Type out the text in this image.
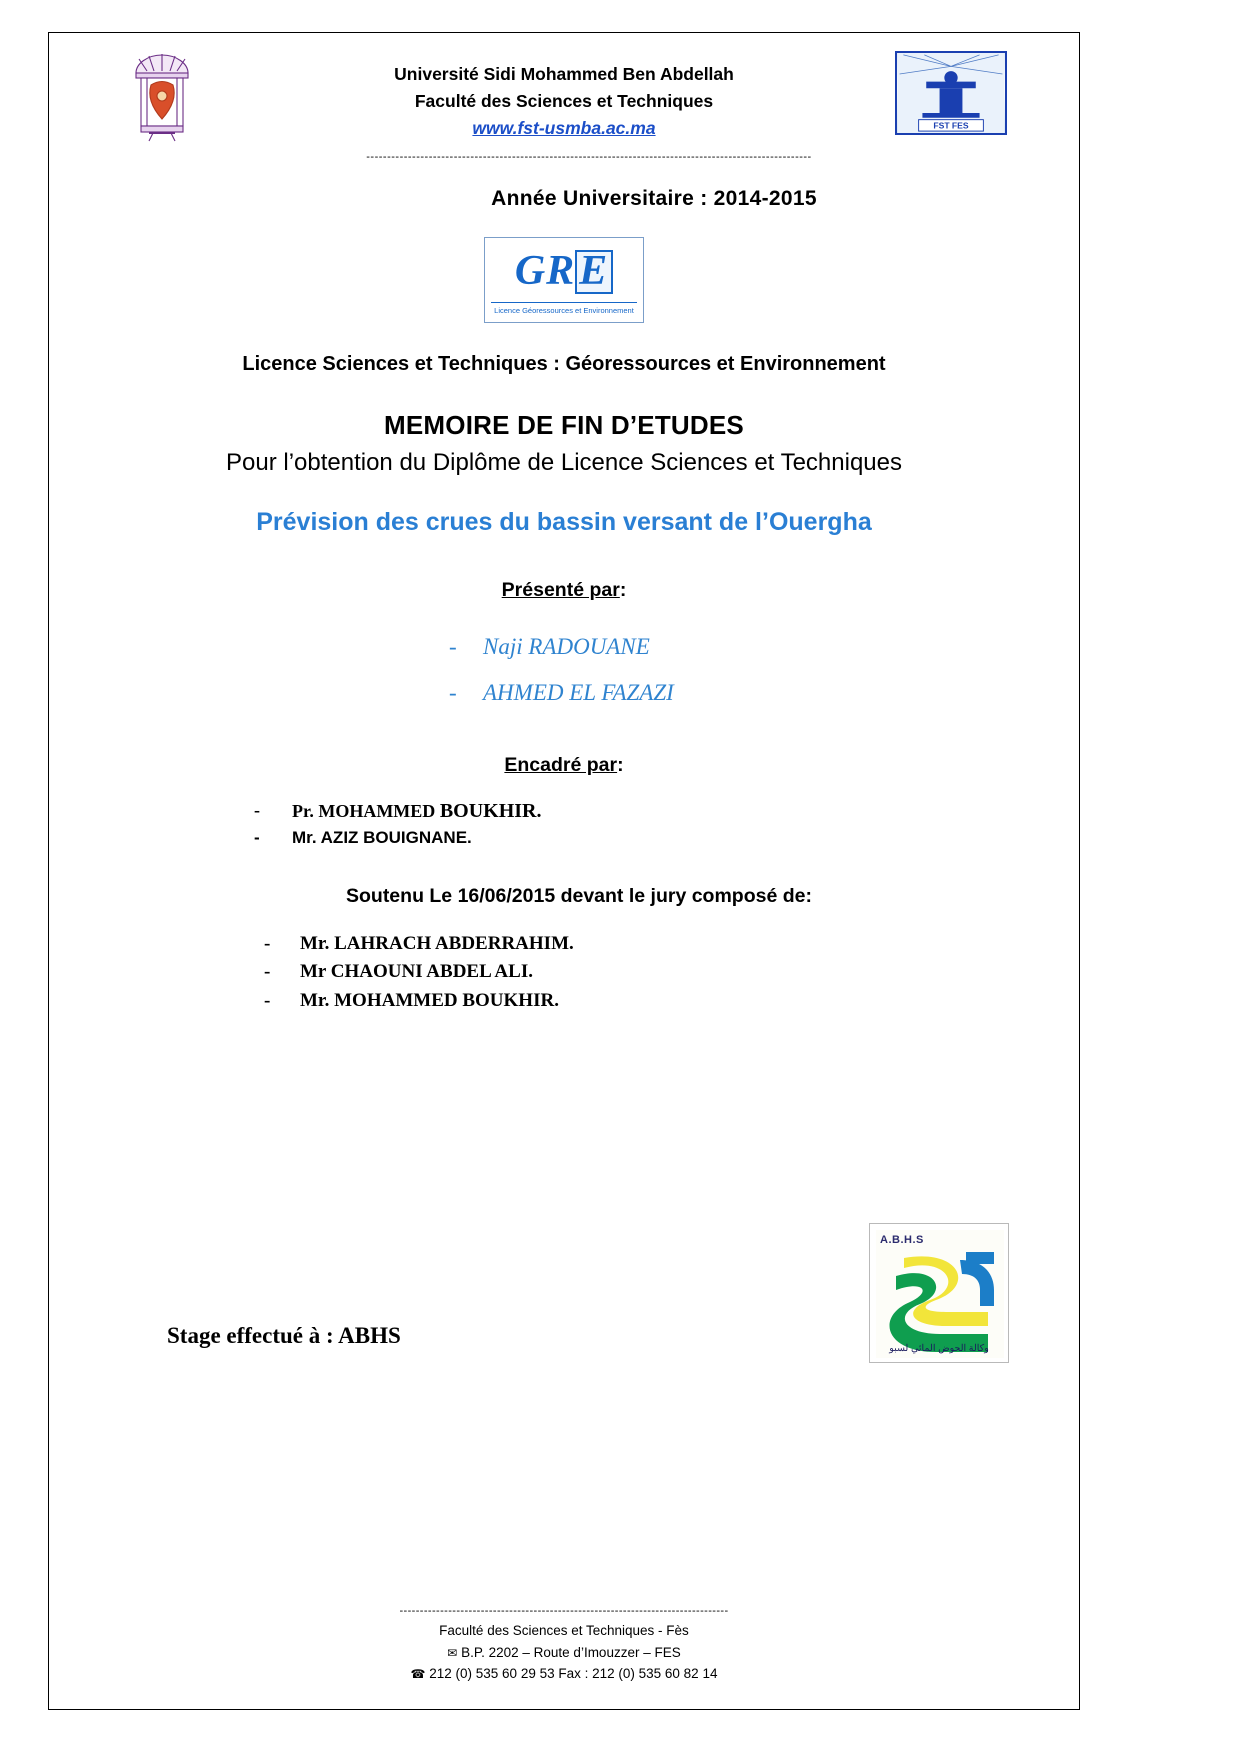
Université Sidi Mohammed Ben Abdellah
Faculté des Sciences et Techniques
www.fst-usmba.ac.ma	FST FES
-----------------------------------------------------------------------------------------------------------
Année Universitaire : 2014-2015
GRE
Licence Géoressources et Environnement
Licence Sciences et Techniques : Géoressources et Environnement
MEMOIRE DE FIN D’ETUDES
Pour l’obtention du Diplôme de Licence Sciences et Techniques
Prévision des crues du bassin versant de l’Ouergha
Présenté par:
- Naji RADOUANE
- AHMED EL FAZAZI
Encadré par:
-	Pr. MOHAMMED BOUKHIR.
-	Mr. AZIZ BOUIGNANE.
Soutenu Le 16/06/2015 devant le jury composé de:
-	Mr. LAHRACH ABDERRAHIM.
-	Mr CHAOUNI ABDEL ALI.
-	Mr. MOHAMMED BOUKHIR.
A.B.H.S
وكالة الحوض المائي لسبو
Stage effectué à : ABHS
---------------------------------------------------------------------------------
Faculté des Sciences et Techniques - Fès
✉ B.P. 2202 – Route d’Imouzzer – FES
☎ 212 (0) 535 60 29 53 Fax : 212 (0) 535 60 82 14
